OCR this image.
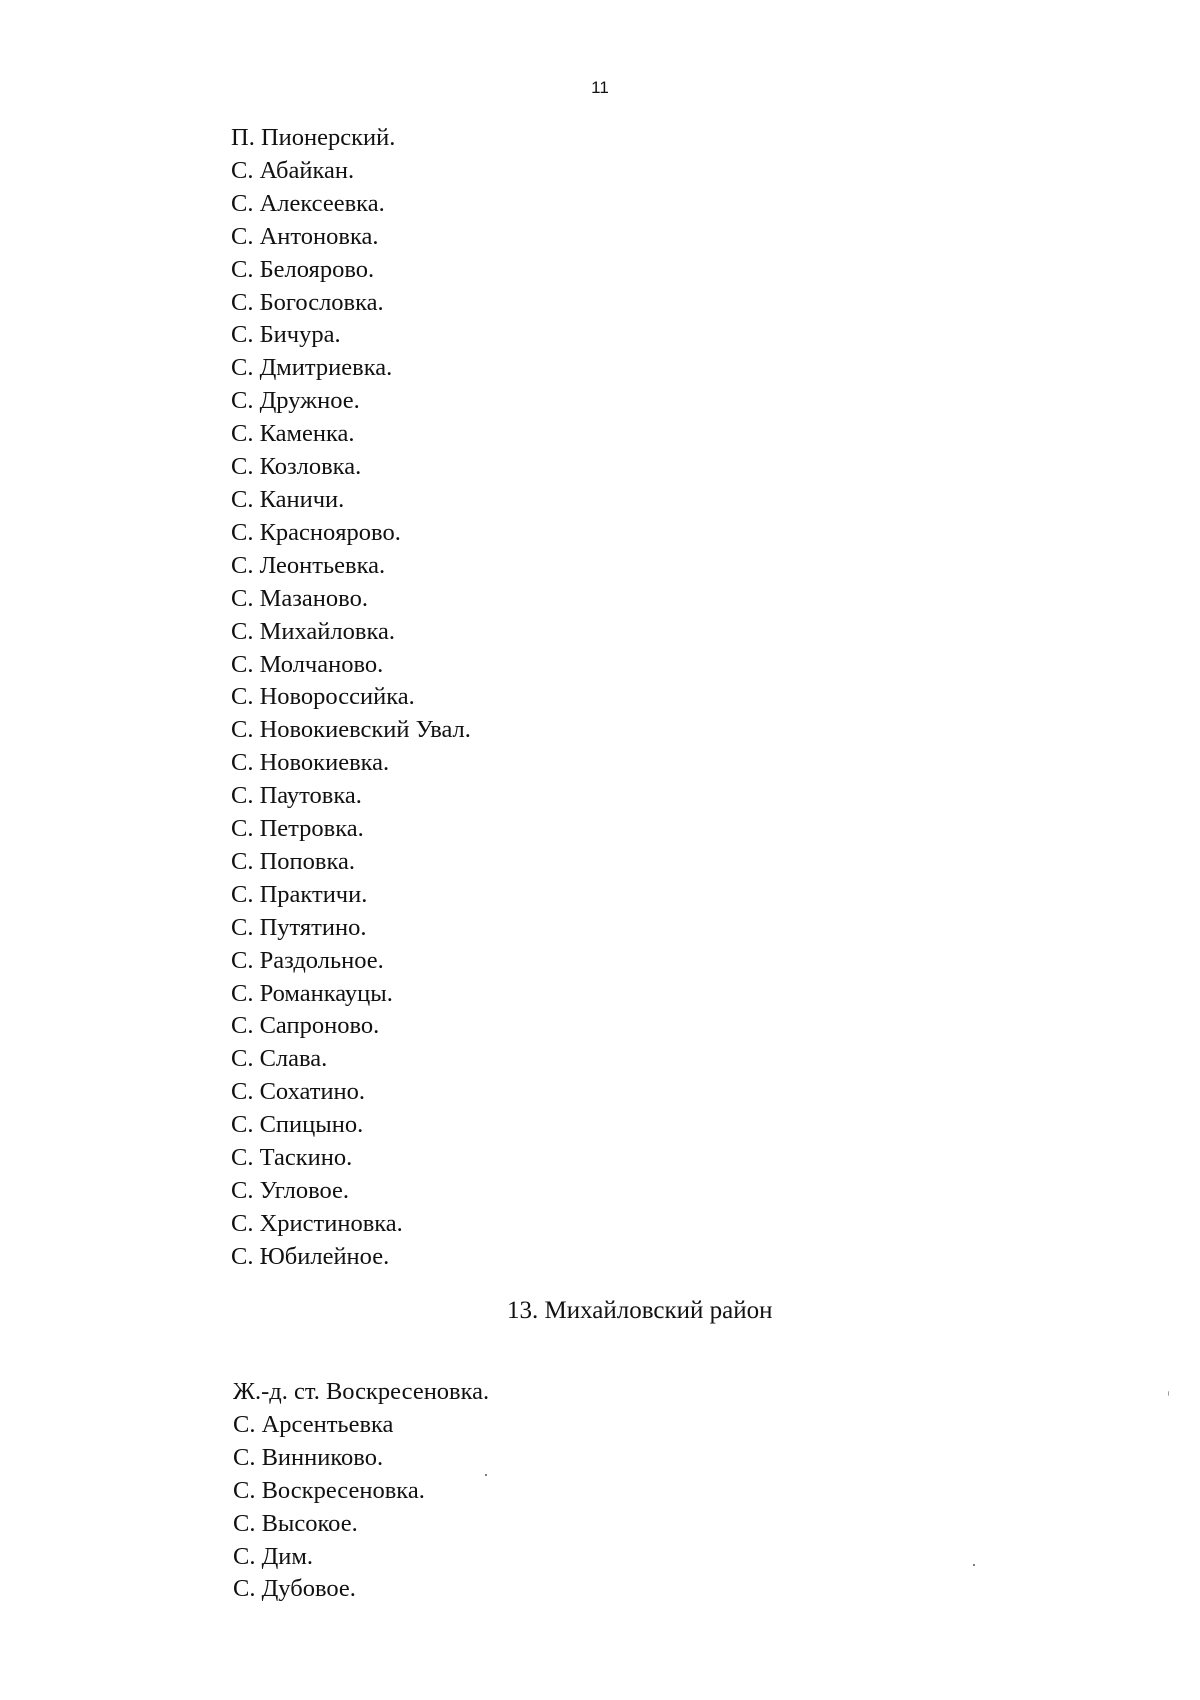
11
П. Пионерский.
С. Абайкан.
С. Алексеевка.
С. Антоновка.
С. Белоярово.
С. Богословка.
С. Бичура.
С. Дмитриевка.
С. Дружное.
С. Каменка.
С. Козловка.
С. Каничи.
С. Краснoярово.
С. Леонтьевка.
С. Мазаново.
С. Михайловка.
С. Молчаново.
С. Новороссийка.
С. Новокиевский Увал.
С. Новокиевка.
С. Паутовка.
С. Петровка.
С. Поповка.
С. Практичи.
С. Путятино.
С. Раздольное.
С. Романкауцы.
С. Сапроново.
С. Слава.
С. Сохатино.
С. Спицыно.
С. Таскино.
С. Угловое.
С. Христиновка.
С. Юбилейное.
13. Михайловский район
Ж.-д. ст. Воскресеновка.
С. Арсентьевка
С. Винниково.
С. Воскресеновка.
С. Высокое.
С. Дим.
С. Дубовое.
